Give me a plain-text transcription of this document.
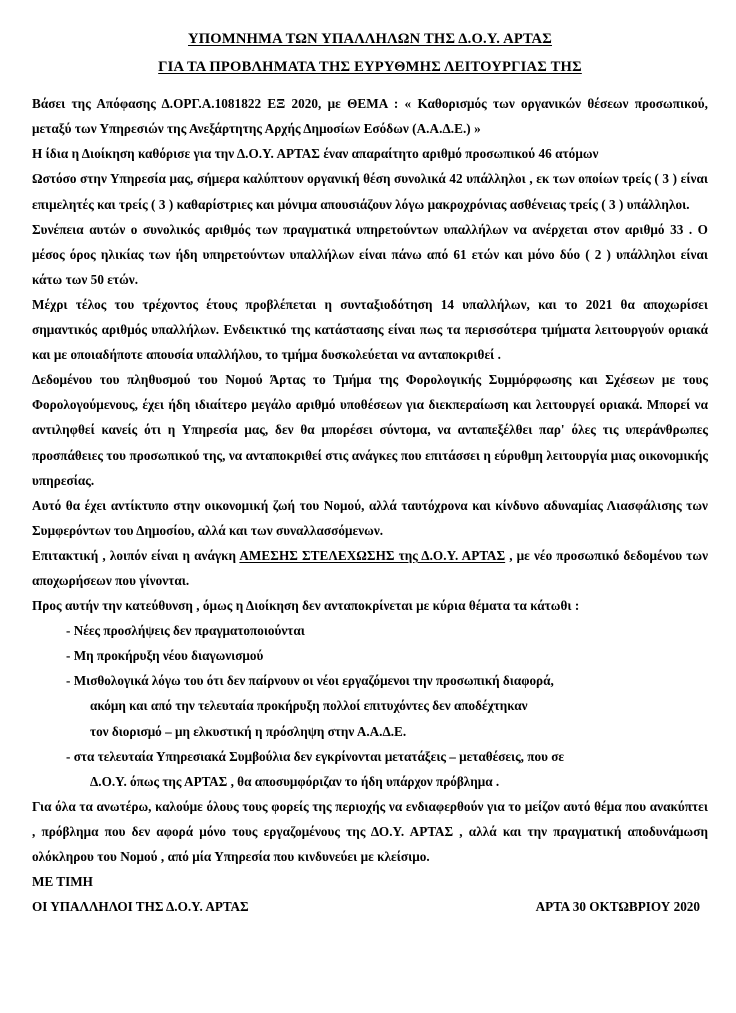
ΥΠΟΜΝΗΜΑ ΤΩΝ ΥΠΑΛΛΗΛΩΝ ΤΗΣ Δ.Ο.Υ. ΑΡΤΑΣ
ΓΙΑ ΤΑ ΠΡΟΒΛΗΜΑΤΑ ΤΗΣ ΕΥΡΥΘΜΗΣ ΛΕΙΤΟΥΡΓΙΑΣ ΤΗΣ

Βάσει της Απόφασης Δ.ΟΡΓ.Α.1081822 ΕΞ 2020, με ΘΕΜΑ : « Καθορισμός των οργανικών θέσεων προσωπικού, μεταξύ των Υπηρεσιών της Ανεξάρτητης Αρχής Δημοσίων Εσόδων (Α.Α.Δ.Ε.) »

Η ίδια η Διοίκηση καθόρισε για την Δ.Ο.Υ. ΑΡΤΑΣ έναν απαραίτητο αριθμό προσωπικού 46 ατόμων

Ωστόσο στην Υπηρεσία μας, σήμερα καλύπτουν οργανική θέση συνολικά 42 υπάλληλοι , εκ των οποίων τρείς ( 3 ) είναι επιμελητές και τρείς ( 3 ) καθαρίστριες και μόνιμα απουσιάζουν λόγω μακροχρόνιας ασθένειας τρείς ( 3 ) υπάλληλοι.

Συνέπεια αυτών ο συνολικός αριθμός των πραγματικά υπηρετούντων υπαλλήλων να ανέρχεται στον αριθμό 33 . Ο μέσος όρος ηλικίας των ήδη υπηρετούντων υπαλλήλων είναι πάνω από 61 ετών και μόνο δύο ( 2 ) υπάλληλοι είναι κάτω των 50 ετών.

Μέχρι τέλος του τρέχοντος έτους προβλέπεται η συνταξιοδότηση 14 υπαλλήλων, και το 2021 θα αποχωρίσει σημαντικός αριθμός υπαλλήλων. Ενδεικτικό της κατάστασης είναι πως τα περισσότερα τμήματα λειτουργούν οριακά και με οποιαδήποτε απουσία υπαλλήλου, το τμήμα δυσκολεύεται να ανταποκριθεί .

Δεδομένου του πληθυσμού του Νομού Άρτας το Τμήμα της Φορολογικής Συμμόρφωσης και Σχέσεων με τους Φορολογούμενους, έχει ήδη ιδιαίτερο μεγάλο αριθμό υποθέσεων για διεκπεραίωση και λειτουργεί οριακά. Μπορεί να αντιληφθεί κανείς ότι η Υπηρεσία μας, δεν θα μπορέσει σύντομα, να ανταπεξέλθει παρ' όλες τις υπεράνθρωπες προσπάθειες του προσωπικού της, να ανταποκριθεί στις ανάγκες που επιτάσσει η εύρυθμη λειτουργία μιας οικονομικής υπηρεσίας.

Αυτό θα έχει αντίκτυπο στην οικονομική ζωή του Νομού, αλλά ταυτόχρονα και κίνδυνο αδυναμίας Λιασφάλισης των Συμφερόντων του Δημοσίου, αλλά και των συναλλασσόμενων.

Επιτακτική , λοιπόν είναι η ανάγκη ΑΜΕΣΗΣ ΣΤΕΛΕΧΩΣΗΣ της Δ.Ο.Υ. ΑΡΤΑΣ , με νέο προσωπικό δεδομένου των αποχωρήσεων που γίνονται.

Προς αυτήν την κατεύθυνση , όμως η Διοίκηση δεν ανταποκρίνεται με κύρια θέματα τα κάτωθι :

- Νέες προσλήψεις δεν πραγματοποιούνται
- Μη προκήρυξη νέου διαγωνισμού
- Μισθολογικά λόγω του ότι δεν παίρνουν οι νέοι εργαζόμενοι την προσωπική διαφορά,
ακόμη και από την τελευταία προκήρυξη πολλοί επιτυχόντες δεν αποδέχτηκαν
τον διορισμό – μη ελκυστική η πρόσληψη στην Α.Α.Δ.Ε.
- στα τελευταία Υπηρεσιακά Συμβούλια δεν εγκρίνονται μετατάξεις – μεταθέσεις, που σε
Δ.Ο.Υ. όπως της ΑΡΤΑΣ , θα αποσυμφόριζαν το ήδη υπάρχον πρόβλημα .

Για όλα τα ανωτέρω, καλούμε όλους τους φορείς της περιοχής να ενδιαφερθούν για το μείζον αυτό θέμα που ανακύπτει , πρόβλημα που δεν αφορά μόνο τους εργαζομένους της ΔΟ.Υ. ΑΡΤΑΣ , αλλά και την πραγματική αποδυνάμωση ολόκληρου του Νομού , από μία Υπηρεσία που κινδυνεύει με κλείσιμο.

ΜΕ ΤΙΜΗ
ΟΙ ΥΠΑΛΛΗΛΟΙ ΤΗΣ Δ.Ο.Υ. ΑΡΤΑΣ	ΑΡΤΑ 30 ΟΚΤΩΒΡΙΟΥ 2020
